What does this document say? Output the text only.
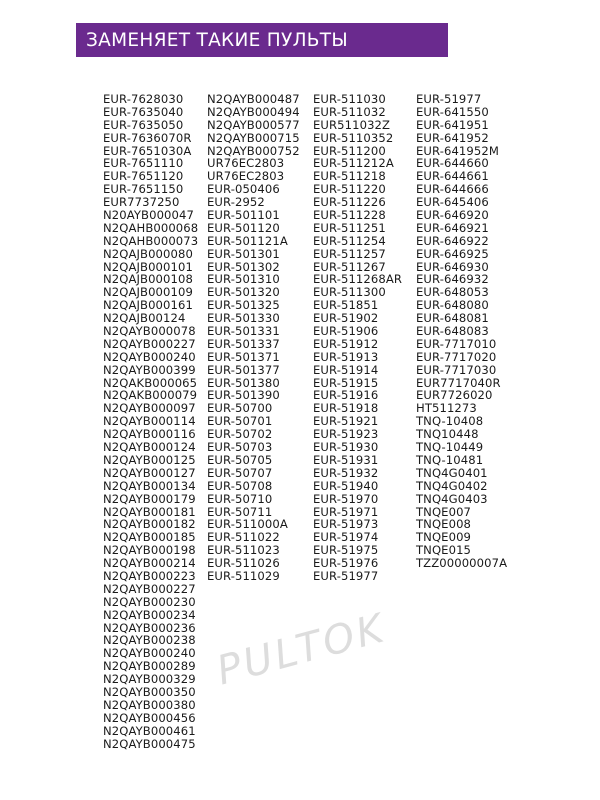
ЗАМЕНЯЕТ ТАКИЕ ПУЛЬТЫ
EUR-7628030
EUR-7635040
EUR-7635050
EUR-7636070R
EUR-7651030A
EUR-7651110
EUR-7651120
EUR-7651150
EUR7737250
N20AYB000047
N2QAHB000068
N2QAHB000073
N2QAJB000080
N2QAJB000101
N2QAJB000108
N2QAJB000109
N2QAJB000161
N2QAJB00124
N2QAYB000078
N2QAYB000227
N2QAYB000240
N2QAYB000399
N2QAKB000065
N2QAKB000079
N2QAYB000097
N2QAYB000114
N2QAYB000116
N2QAYB000124
N2QAYB000125
N2QAYB000127
N2QAYB000134
N2QAYB000179
N2QAYB000181
N2QAYB000182
N2QAYB000185
N2QAYB000198
N2QAYB000214
N2QAYB000223
N2QAYB000227
N2QAYB000230
N2QAYB000234
N2QAYB000236
N2QAYB000238
N2QAYB000240
N2QAYB000289
N2QAYB000329
N2QAYB000350
N2QAYB000380
N2QAYB000456
N2QAYB000461
N2QAYB000475
N2QAYB000487
N2QAYB000494
N2QAYB000577
N2QAYB000715
N2QAYB000752
UR76EC2803
UR76EC2803
EUR-050406
EUR-2952
EUR-501101
EUR-501120
EUR-501121A
EUR-501301
EUR-501302
EUR-501310
EUR-501320
EUR-501325
EUR-501330
EUR-501331
EUR-501337
EUR-501371
EUR-501377
EUR-501380
EUR-501390
EUR-50700
EUR-50701
EUR-50702
EUR-50703
EUR-50705
EUR-50707
EUR-50708
EUR-50710
EUR-50711
EUR-511000A
EUR-511022
EUR-511023
EUR-511026
EUR-511029
EUR-511030
EUR-511032
EUR511032Z
EUR-5110352
EUR-511200
EUR-511212A
EUR-511218
EUR-511220
EUR-511226
EUR-511228
EUR-511251
EUR-511254
EUR-511257
EUR-511267
EUR-511268AR
EUR-511300
EUR-51851
EUR-51902
EUR-51906
EUR-51912
EUR-51913
EUR-51914
EUR-51915
EUR-51916
EUR-51918
EUR-51921
EUR-51923
EUR-51930
EUR-51931
EUR-51932
EUR-51940
EUR-51970
EUR-51971
EUR-51973
EUR-51974
EUR-51975
EUR-51976
EUR-51977
EUR-51977
EUR-641550
EUR-641951
EUR-641952
EUR-641952M
EUR-644660
EUR-644661
EUR-644666
EUR-645406
EUR-646920
EUR-646921
EUR-646922
EUR-646925
EUR-646930
EUR-646932
EUR-648053
EUR-648080
EUR-648081
EUR-648083
EUR-7717010
EUR-7717020
EUR-7717030
EUR7717040R
EUR7726020
HT511273
TNQ-10408
TNQ10448
TNQ-10449
TNQ-10481
TNQ4G0401
TNQ4G0402
TNQ4G0403
TNQE007
TNQE008
TNQE009
TNQE015
TZZ00000007A
PULTOK
